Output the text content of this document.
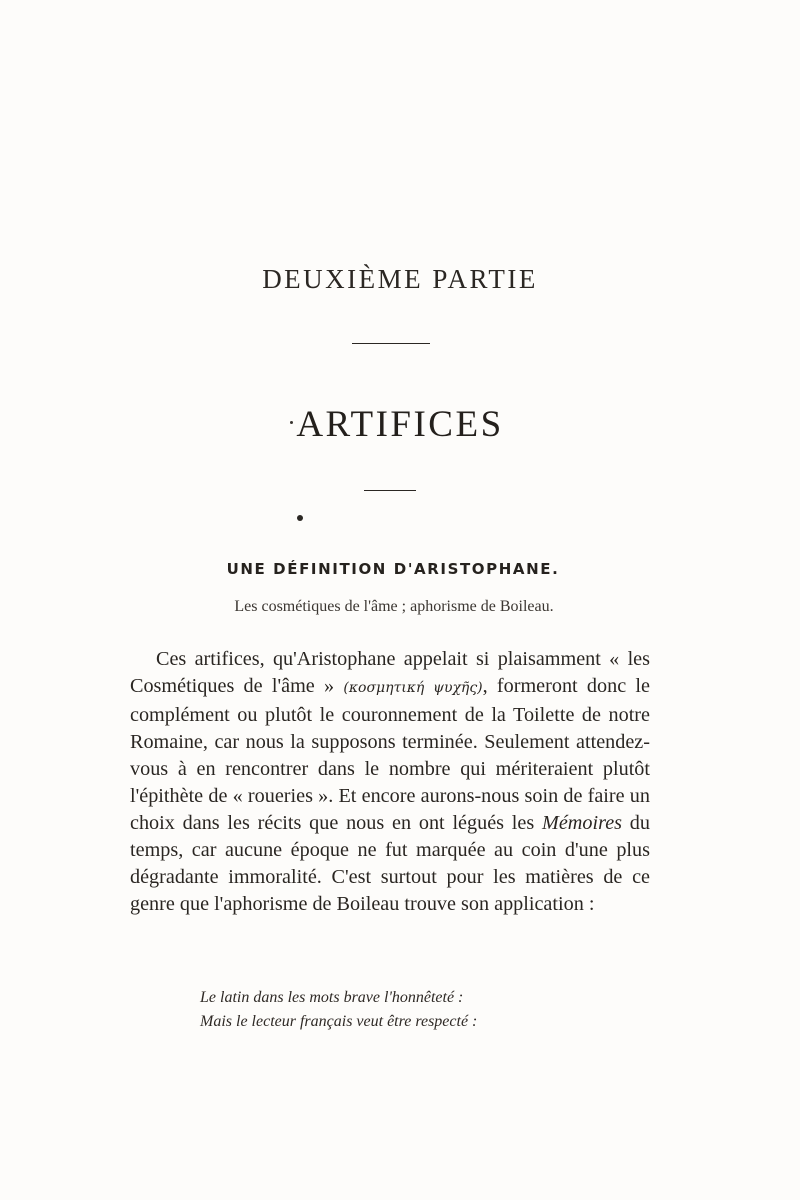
DEUXIÈME PARTIE
ARTIFICES
UNE DÉFINITION D'ARISTOPHANE.
Les cosmétiques de l'âme ; aphorisme de Boileau.

Ces artifices, qu'Aristophane appelait si plaisamment « les Cosmétiques de l'âme » (κοσμητική ψυχῆς), formeront donc le complément ou plutôt le couronnement de la Toilette de notre Romaine, car nous la supposons terminée. Seulement attendez-vous à en rencontrer dans le nombre qui mériteraient plutôt l'épithète de « roueries ». Et encore aurons-nous soin de faire un choix dans les récits que nous en ont légués les Mémoires du temps, car aucune époque ne fut marquée au coin d'une plus dégradante immoralité. C'est surtout pour les matières de ce genre que l'aphorisme de Boileau trouve son application :

Le latin dans les mots brave l'honnêteté :
Mais le lecteur français veut être respecté :
